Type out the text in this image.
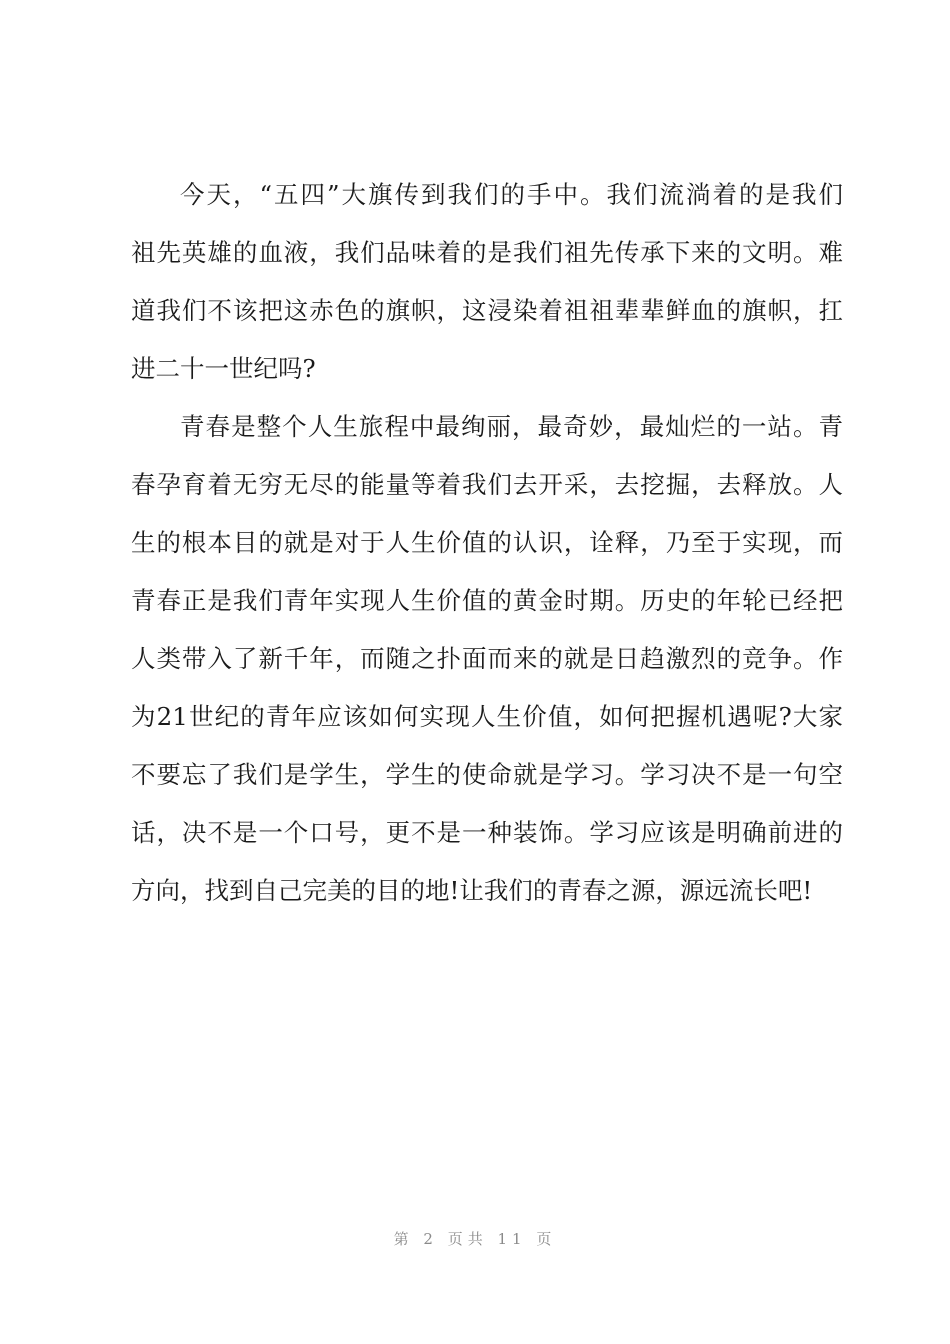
今天，“五四”大旗传到我们的手中。我们流淌着的是我们
祖先英雄的血液，我们品味着的是我们祖先传承下来的文明。难
道我们不该把这赤色的旗帜，这浸染着祖祖辈辈鲜血的旗帜，扛
进二十一世纪吗?
青春是整个人生旅程中最绚丽，最奇妙，最灿烂的一站。青
春孕育着无穷无尽的能量等着我们去开采，去挖掘，去释放。人
生的根本目的就是对于人生价值的认识，诠释，乃至于实现，而
青春正是我们青年实现人生价值的黄金时期。历史的年轮已经把
人类带入了新千年，而随之扑面而来的就是日趋激烈的竞争。作
为21世纪的青年应该如何实现人生价值，如何把握机遇呢?大家
不要忘了我们是学生，学生的使命就是学习。学习决不是一句空
话，决不是一个口号，更不是一种装饰。学习应该是明确前进的
方向，找到自己完美的目的地!让我们的青春之源，源远流长吧!
第 2 页共 11 页
